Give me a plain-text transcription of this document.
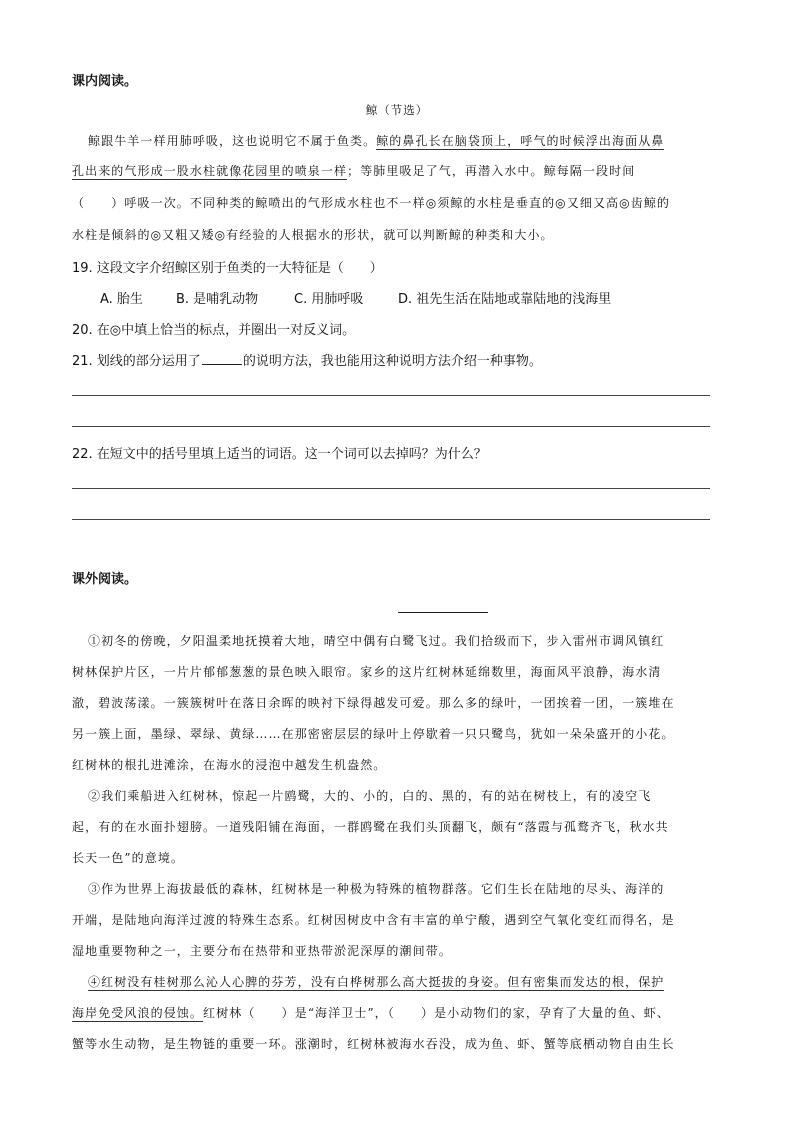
课内阅读。
鲸（节选）
鲸跟牛羊一样用肺呼吸，这也说明它不属于鱼类。鲸的鼻孔长在脑袋顶上，呼气的时候浮出海面从鼻
孔出来的气形成一股水柱就像花园里的喷泉一样；等肺里吸足了气，再潜入水中。鲸每隔一段时间
（　　）呼吸一次。不同种类的鲸喷出的气形成水柱也不一样◎须鲸的水柱是垂直的◎又细又高◎齿鲸的
水柱是倾斜的◎又粗又矮◎有经验的人根据水的形状，就可以判断鲸的种类和大小。
19. 这段文字介绍鲸区别于鱼类的一大特征是（　　）
A. 胎生	B. 是哺乳动物	C. 用肺呼吸	D. 祖先生活在陆地或靠陆地的浅海里
20. 在◎中填上恰当的标点，并圈出一对反义词。
21. 划线的部分运用了	的说明方法，我也能用这种说明方法介绍一种事物。
22. 在短文中的括号里填上适当的词语。这一个词可以去掉吗？为什么？
课外阅读。
①初冬的傍晚，夕阳温柔地抚摸着大地，晴空中偶有白鹭飞过。我们拾级而下，步入雷州市调风镇红
树林保护片区，一片片郁郁葱葱的景色映入眼帘。家乡的这片红树林延绵数里，海面风平浪静，海水清
澈，碧波荡漾。一簇簇树叶在落日余晖的映衬下绿得越发可爱。那么多的绿叶，一团挨着一团，一簇堆在
另一簇上面，墨绿、翠绿、黄绿……在那密密层层的绿叶上停歇着一只只鹭鸟，犹如一朵朵盛开的小花。
红树林的根扎进滩涂，在海水的浸泡中越发生机盎然。
②我们乘船进入红树林，惊起一片鸥鹭，大的、小的，白的、黑的，有的站在树枝上，有的凌空飞
起，有的在水面扑翅膀。一道残阳铺在海面，一群鸥鹭在我们头顶翻飞，颇有“落霞与孤鹜齐飞，秋水共
长天一色”的意境。
③作为世界上海拔最低的森林，红树林是一种极为特殊的植物群落。它们生长在陆地的尽头、海洋的
开端，是陆地向海洋过渡的特殊生态系。红树因树皮中含有丰富的单宁酸，遇到空气氧化变红而得名，是
湿地重要物种之一，主要分布在热带和亚热带淤泥深厚的潮间带。
④红树没有桂树那么沁人心脾的芬芳，没有白桦树那么高大挺拔的身姿。但有密集而发达的根，保护
海岸免受风浪的侵蚀。红树林（　　）是“海洋卫士”，（　　）是小动物们的家，孕育了大量的鱼、虾、
蟹等水生动物，是生物链的重要一环。涨潮时，红树林被海水吞没，成为鱼、虾、蟹等底栖动物自由生长
